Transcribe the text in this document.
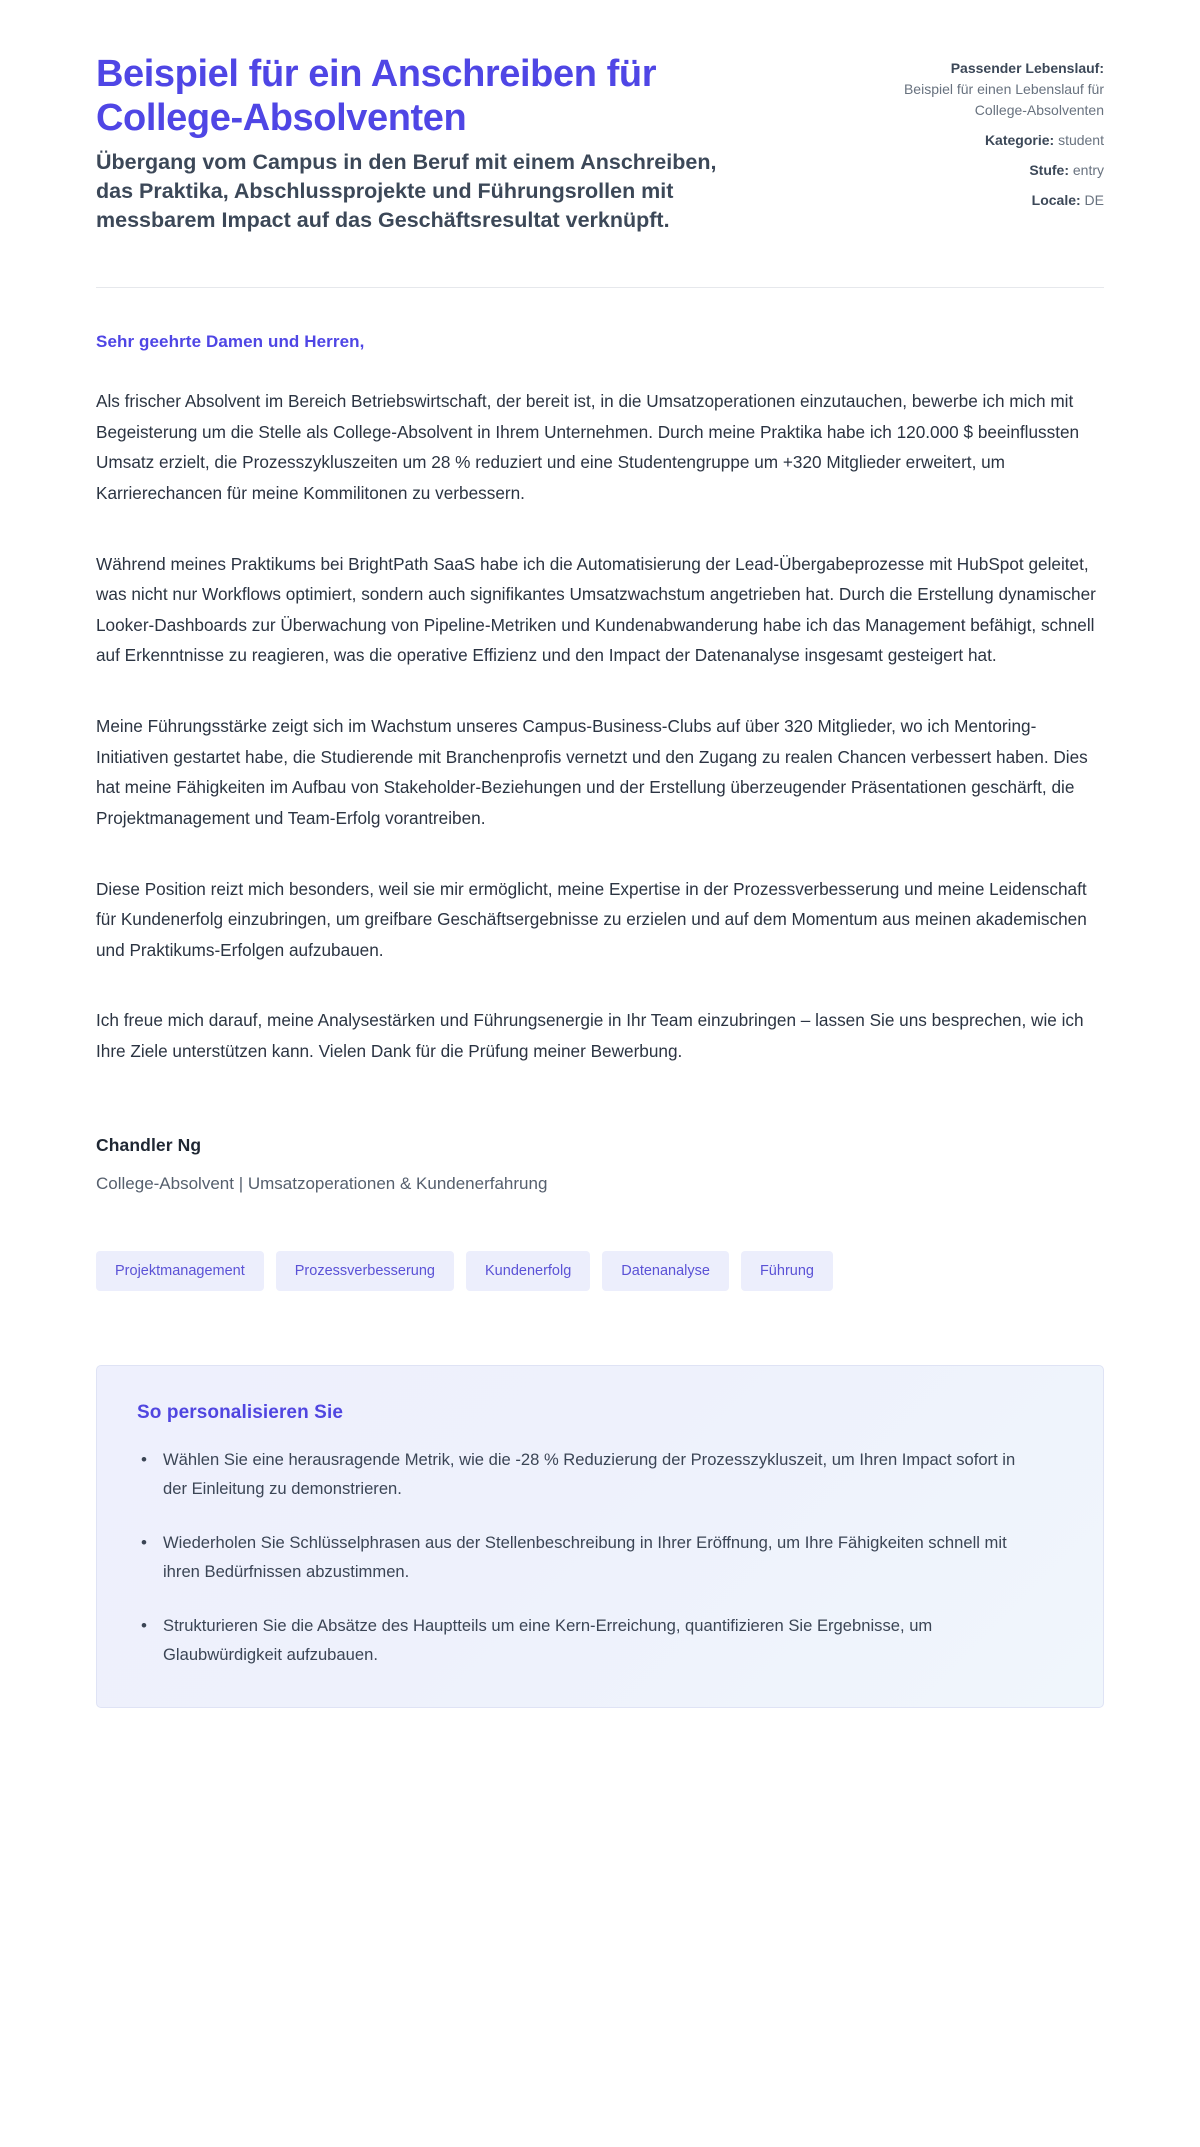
Beispiel für ein Anschreiben für College-Absolventen

Übergang vom Campus in den Beruf mit einem Anschreiben, das Praktika, Abschlussprojekte und Führungsrollen mit messbarem Impact auf das Geschäftsresultat verknüpft.

Passender Lebenslauf: Beispiel für einen Lebenslauf für College-Absolventen
Kategorie: student
Stufe: entry
Locale: DE

Sehr geehrte Damen und Herren,

Als frischer Absolvent im Bereich Betriebswirtschaft, der bereit ist, in die Umsatzoperationen einzutauchen, bewerbe ich mich mit Begeisterung um die Stelle als College-Absolvent in Ihrem Unternehmen. Durch meine Praktika habe ich 120.000 $ beeinflussten Umsatz erzielt, die Prozesszykluszeiten um 28 % reduziert und eine Studentengruppe um +320 Mitglieder erweitert, um Karrierechancen für meine Kommilitonen zu verbessern.

Während meines Praktikums bei BrightPath SaaS habe ich die Automatisierung der Lead-Übergabeprozesse mit HubSpot geleitet, was nicht nur Workflows optimiert, sondern auch signifikantes Umsatzwachstum angetrieben hat. Durch die Erstellung dynamischer Looker-Dashboards zur Überwachung von Pipeline-Metriken und Kundenabwanderung habe ich das Management befähigt, schnell auf Erkenntnisse zu reagieren, was die operative Effizienz und den Impact der Datenanalyse insgesamt gesteigert hat.

Meine Führungsstärke zeigt sich im Wachstum unseres Campus-Business-Clubs auf über 320 Mitglieder, wo ich Mentoring-Initiativen gestartet habe, die Studierende mit Branchenprofis vernetzt und den Zugang zu realen Chancen verbessert haben. Dies hat meine Fähigkeiten im Aufbau von Stakeholder-Beziehungen und der Erstellung überzeugender Präsentationen geschärft, die Projektmanagement und Team-Erfolg vorantreiben.

Diese Position reizt mich besonders, weil sie mir ermöglicht, meine Expertise in der Prozessverbesserung und meine Leidenschaft für Kundenerfolg einzubringen, um greifbare Geschäftsergebnisse zu erzielen und auf dem Momentum aus meinen akademischen und Praktikums-Erfolgen aufzubauen.

Ich freue mich darauf, meine Analysestärken und Führungsenergie in Ihr Team einzubringen – lassen Sie uns besprechen, wie ich Ihre Ziele unterstützen kann. Vielen Dank für die Prüfung meiner Bewerbung.

Chandler Ng

College-Absolvent | Umsatzoperationen & Kundenerfahrung

Projektmanagement	Prozessverbesserung	Kundenerfolg	Datenanalyse	Führung
So personalisieren Sie
• Wählen Sie eine herausragende Metrik, wie die -28 % Reduzierung der Prozesszykluszeit, um Ihren Impact sofort in der Einleitung zu demonstrieren.
• Wiederholen Sie Schlüsselphrasen aus der Stellenbeschreibung in Ihrer Eröffnung, um Ihre Fähigkeiten schnell mit ihren Bedürfnissen abzustimmen.
• Strukturieren Sie die Absätze des Hauptteils um eine Kern-Erreichung, quantifizieren Sie Ergebnisse, um Glaubwürdigkeit aufzubauen.
